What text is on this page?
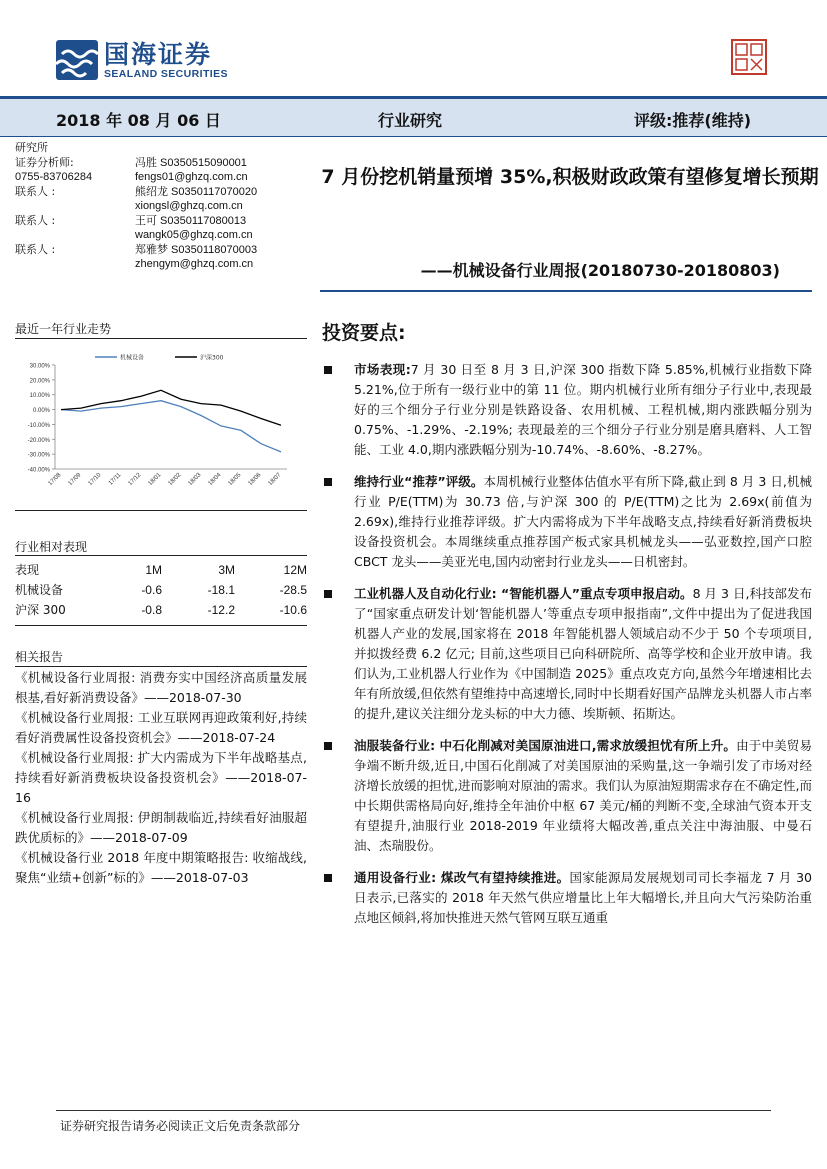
国海证券
SEALAND SECURITIES
2018 年 08 月 06 日	行业研究	评级:推荐(维持)
研究所
证券分析师:	冯胜 S0350515090001
0755-83706284	fengs01@ghzq.com.cn
联系人 :	熊绍龙 S0350117070020
xiongsl@ghzq.com.cn
联系人 :	王可 S0350117080013
wangk05@ghzq.com.cn
联系人 :	郑雅梦 S0350118070003
zhengym@ghzq.com.cn
最近一年行业走势
30.00%
20.00%
10.00%
0.00%
-10.00%
-20.00%
-30.00%
-40.00%
17/08 17/09 17/10 17/11 17/12 18/01 18/02 18/03 18/04 18/05 18/06 18/07
机械设备	沪深300
行业相对表现
表现	1M	3M	12M
机械设备	-0.6	-18.1	-28.5
沪深 300	-0.8	-12.2	-10.6
相关报告
《机械设备行业周报: 消费夯实中国经济高质量发展根基,看好新消费设备》——2018-07-30
《机械设备行业周报: 工业互联网再迎政策利好,持续看好消费属性设备投资机会》——2018-07-24
《机械设备行业周报: 扩大内需成为下半年战略基点,持续看好新消费板块设备投资机会》——2018-07-16
《机械设备行业周报: 伊朗制裁临近,持续看好油服超跌优质标的》——2018-07-09
《机械设备行业 2018 年度中期策略报告: 收缩战线,聚焦“业绩+创新”标的》——2018-07-03
7 月份挖机销量预增 35%,积极财政政策有望修复增长预期
——机械设备行业周报(20180730-20180803)
投资要点:
市场表现:7 月 30 日至 8 月 3 日,沪深 300 指数下降 5.85%,机械行业指数下降 5.21%,位于所有一级行业中的第 11 位。期内机械行业所有细分子行业中,表现最好的三个细分子行业分别是铁路设备、农用机械、工程机械,期内涨跌幅分别为 0.75%、-1.29%、-2.19%; 表现最差的三个细分子行业分别是磨具磨料、人工智能、工业 4.0,期内涨跌幅分别为-10.74%、-8.60%、-8.27%。
维持行业“推荐”评级。本周机械行业整体估值水平有所下降,截止到 8 月 3 日,机械行业 P/E(TTM)为 30.73 倍,与沪深 300 的 P/E(TTM)之比为 2.69x(前值为 2.69x),维持行业推荐评级。扩大内需将成为下半年战略支点,持续看好新消费板块设备投资机会。本周继续重点推荐国产板式家具机械龙头——弘亚数控,国产口腔 CBCT 龙头——美亚光电,国内动密封行业龙头——日机密封。
工业机器人及自动化行业: “智能机器人”重点专项申报启动。8 月 3 日,科技部发布了“国家重点研发计划‘智能机器人’等重点专项申报指南”,文件中提出为了促进我国机器人产业的发展,国家将在 2018 年智能机器人领域启动不少于 50 个专项项目,并拟拨经费 6.2 亿元; 目前,这些项目已向科研院所、高等学校和企业开放申请。我们认为,工业机器人行业作为《中国制造 2025》重点攻克方向,虽然今年增速相比去年有所放缓,但依然有望维持中高速增长,同时中长期看好国产品牌龙头机器人市占率的提升,建议关注细分龙头标的中大力德、埃斯顿、拓斯达。
油服装备行业: 中石化削减对美国原油进口,需求放缓担忧有所上升。由于中美贸易争端不断升级,近日,中国石化削减了对美国原油的采购量,这一争端引发了市场对经济增长放缓的担忧,进而影响对原油的需求。我们认为原油短期需求存在不确定性,而中长期供需格局向好,维持全年油价中枢 67 美元/桶的判断不变,全球油气资本开支有望提升,油服行业 2018-2019 年业绩将大幅改善,重点关注中海油服、中曼石油、杰瑞股份。
通用设备行业: 煤改气有望持续推进。国家能源局发展规划司司长李福龙 7 月 30 日表示,已落实的 2018 年天然气供应增量比上年大幅增长,并且向大气污染防治重点地区倾斜,将加快推进天然气管网互联互通重
证券研究报告请务必阅读正文后免责条款部分
